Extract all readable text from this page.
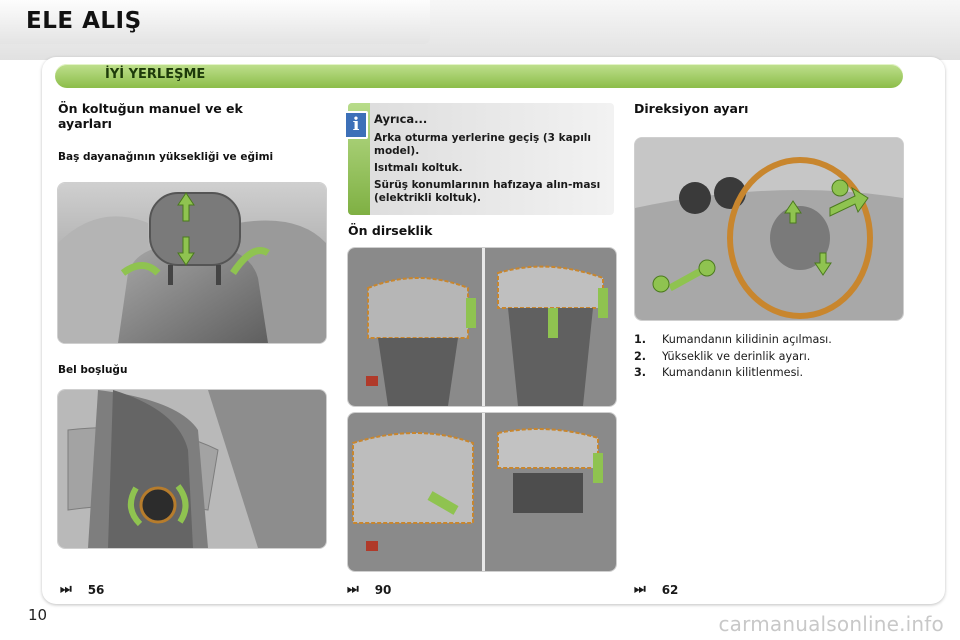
ELE ALIŞ
İYİ YERLEŞME
Ön koltuğun manuel ve ek
ayarları
Baş dayanağının yüksekliği ve eğimi
Bel boşluğu
⏭ 56
i	Ayrıca...
Arka oturma yerlerine geçiş (3 kapılı model).
Isıtmalı koltuk.
Sürüş konumlarının hafızaya alın-ması (elektrikli koltuk).
Ön dirseklik
⏭ 90
Direksiyon ayarı
1.	Kumandanın kilidinin açılması.
2.	Yükseklik ve derinlik ayarı.
3.	Kumandanın kilitlenmesi.
⏭ 62

10	carmanualsonline.info
